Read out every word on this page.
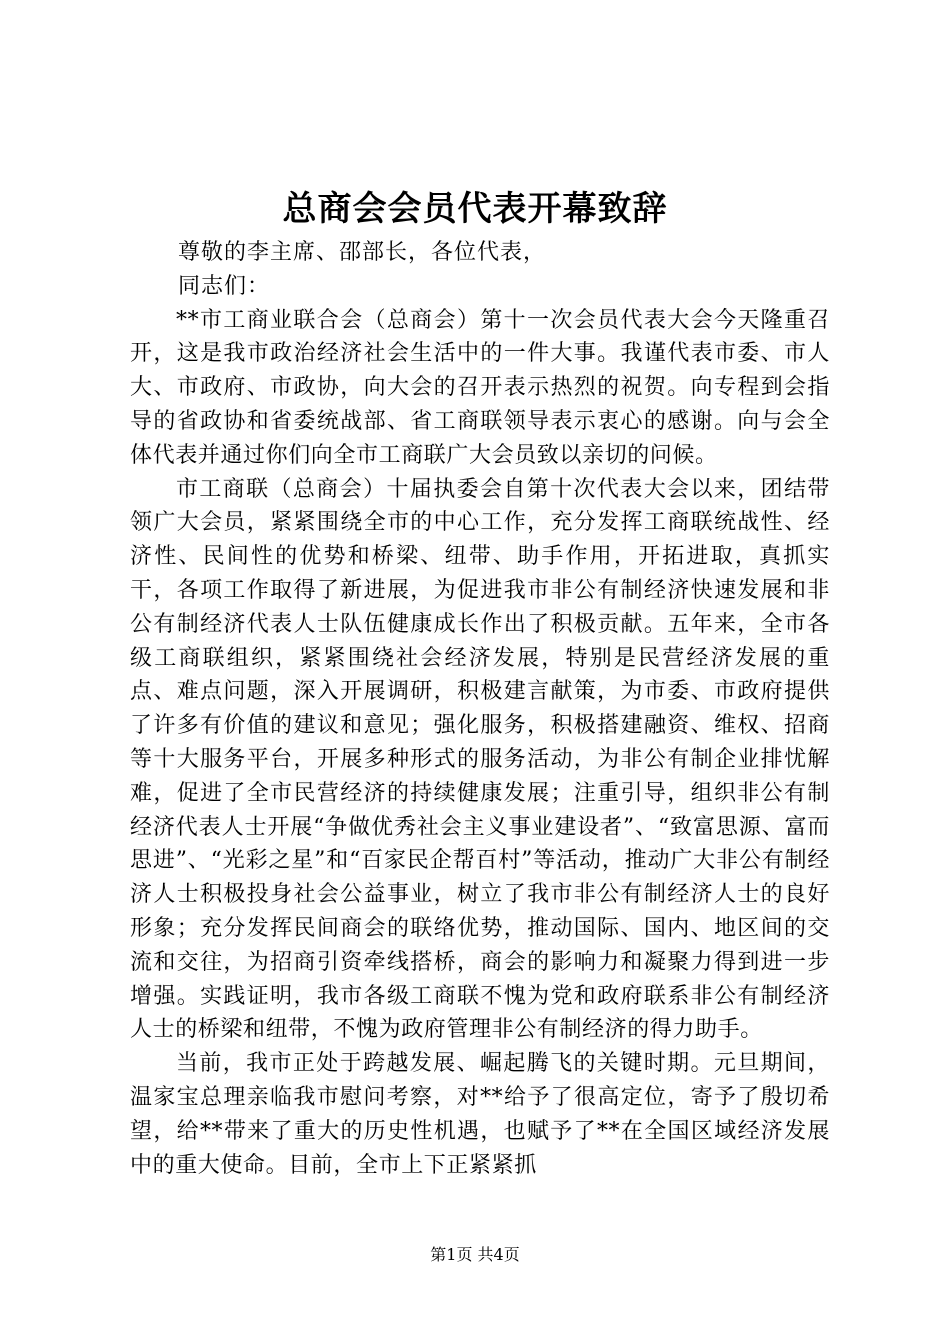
总商会会员代表开幕致辞

尊敬的李主席、邵部长，各位代表，

同志们：

**市工商业联合会（总商会）第十一次会员代表大会今天隆重召开，这是我市政治经济社会生活中的一件大事。我谨代表市委、市人大、市政府、市政协，向大会的召开表示热烈的祝贺。向专程到会指导的省政协和省委统战部、省工商联领导表示衷心的感谢。向与会全体代表并通过你们向全市工商联广大会员致以亲切的问候。

市工商联（总商会）十届执委会自第十次代表大会以来，团结带领广大会员，紧紧围绕全市的中心工作，充分发挥工商联统战性、经济性、民间性的优势和桥梁、纽带、助手作用，开拓进取，真抓实干，各项工作取得了新进展，为促进我市非公有制经济快速发展和非公有制经济代表人士队伍健康成长作出了积极贡献。五年来，全市各级工商联组织，紧紧围绕社会经济发展，特别是民营经济发展的重点、难点问题，深入开展调研，积极建言献策，为市委、市政府提供了许多有价值的建议和意见；强化服务，积极搭建融资、维权、招商等十大服务平台，开展多种形式的服务活动，为非公有制企业排忧解难，促进了全市民营经济的持续健康发展；注重引导，组织非公有制经济代表人士开展“争做优秀社会主义事业建设者”、“致富思源、富而思进”、“光彩之星”和“百家民企帮百村”等活动，推动广大非公有制经济人士积极投身社会公益事业，树立了我市非公有制经济人士的良好形象；充分发挥民间商会的联络优势，推动国际、国内、地区间的交流和交往，为招商引资牵线搭桥，商会的影响力和凝聚力得到进一步增强。实践证明，我市各级工商联不愧为党和政府联系非公有制经济人士的桥梁和纽带，不愧为政府管理非公有制经济的得力助手。

当前，我市正处于跨越发展、崛起腾飞的关键时期。元旦期间，温家宝总理亲临我市慰问考察，对**给予了很高定位，寄予了殷切希望，给**带来了重大的历史性机遇，也赋予了**在全国区域经济发展中的重大使命。目前，全市上下正紧紧抓

第1页 共4页
